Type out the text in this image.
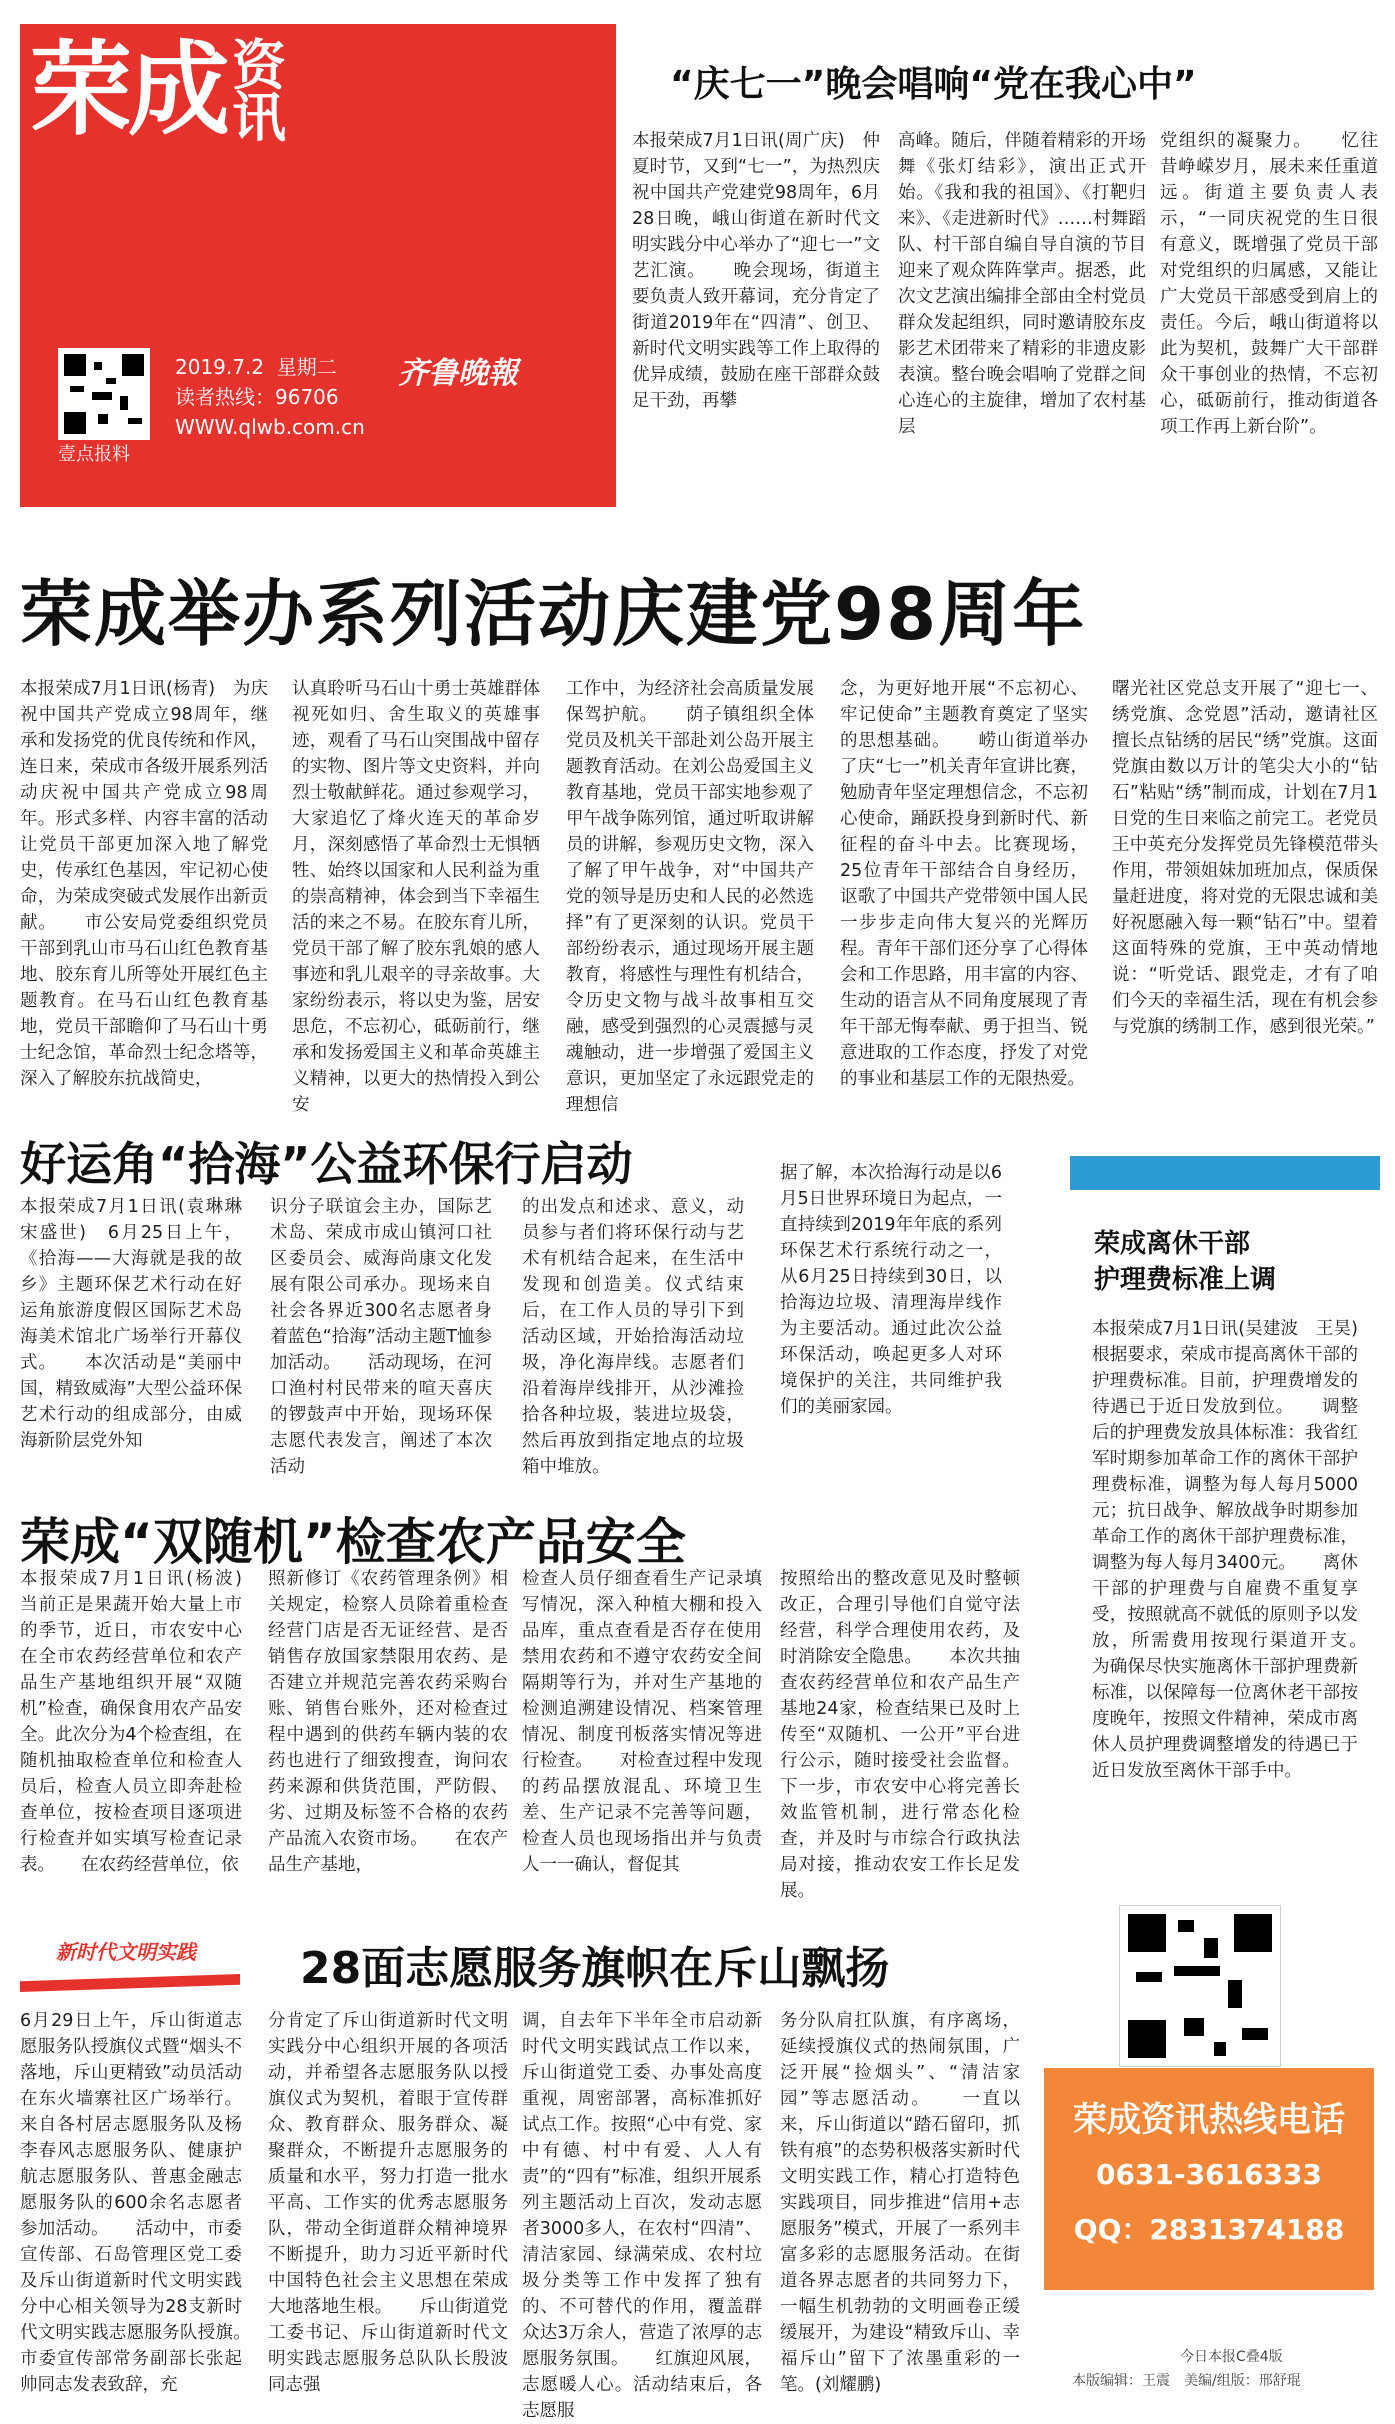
荣成 资
讯
壹点报料
2019.7.2 星期二
读者热线：96706
WWW.qlwb.com.cn
齐鲁晚報
“庆七一”晚会唱响“党在我心中”
本报荣成7月1日讯(周广庆)　仲夏时节，又到“七一”，为热烈庆祝中国共产党建党98周年，6月28日晚，峨山街道在新时代文明实践分中心举办了“迎七一”文艺汇演。　　晚会现场，街道主要负责人致开幕词，充分肯定了街道2019年在“四清”、创卫、新时代文明实践等工作上取得的优异成绩，鼓励在座干部群众鼓足干劲，再攀
高峰。随后，伴随着精彩的开场舞《张灯结彩》，演出正式开始。《我和我的祖国》、《打靶归来》、《走进新时代》……村舞蹈队、村干部自编自导自演的节目迎来了观众阵阵掌声。据悉，此次文艺演出编排全部由全村党员群众发起组织，同时邀请胶东皮影艺术团带来了精彩的非遗皮影表演。整台晚会唱响了党群之间心连心的主旋律，增加了农村基层
党组织的凝聚力。　　忆往昔峥嵘岁月，展未来任重道远。街道主要负责人表示，“一同庆祝党的生日很有意义，既增强了党员干部对党组织的归属感，又能让广大党员干部感受到肩上的责任。今后，峨山街道将以此为契机，鼓舞广大干部群众干事创业的热情，不忘初心，砥砺前行，推动街道各项工作再上新台阶”。
荣成举办系列活动庆建党98周年
本报荣成7月1日讯(杨青)　为庆祝中国共产党成立98周年，继承和发扬党的优良传统和作风，连日来，荣成市各级开展系列活动庆祝中国共产党成立98周年。形式多样、内容丰富的活动让党员干部更加深入地了解党史，传承红色基因，牢记初心使命，为荣成突破式发展作出新贡献。　　市公安局党委组织党员干部到乳山市马石山红色教育基地、胶东育儿所等处开展红色主题教育。在马石山红色教育基地，党员干部瞻仰了马石山十勇士纪念馆，革命烈士纪念塔等，深入了解胶东抗战简史，
认真聆听马石山十勇士英雄群体视死如归、舍生取义的英雄事迹，观看了马石山突围战中留存的实物、图片等文史资料，并向烈士敬献鲜花。通过参观学习，大家追忆了烽火连天的革命岁月，深刻感悟了革命烈士无惧牺牲、始终以国家和人民利益为重的崇高精神，体会到当下幸福生活的来之不易。在胶东育儿所，党员干部了解了胶东乳娘的感人事迹和乳儿艰辛的寻亲故事。大家纷纷表示，将以史为鉴，居安思危，不忘初心，砥砺前行，继承和发扬爱国主义和革命英雄主义精神，以更大的热情投入到公安
工作中，为经济社会高质量发展保驾护航。　　荫子镇组织全体党员及机关干部赴刘公岛开展主题教育活动。在刘公岛爱国主义教育基地，党员干部实地参观了甲午战争陈列馆，通过听取讲解员的讲解，参观历史文物，深入了解了甲午战争，对“中国共产党的领导是历史和人民的必然选择”有了更深刻的认识。党员干部纷纷表示，通过现场开展主题教育，将感性与理性有机结合，令历史文物与战斗故事相互交融，感受到强烈的心灵震撼与灵魂触动，进一步增强了爱国主义意识，更加坚定了永远跟党走的理想信
念，为更好地开展“不忘初心、牢记使命”主题教育奠定了坚实的思想基础。　　崂山街道举办了庆“七一”机关青年宣讲比赛，勉励青年坚定理想信念，不忘初心使命，踊跃投身到新时代、新征程的奋斗中去。比赛现场，25位青年干部结合自身经历，讴歌了中国共产党带领中国人民一步步走向伟大复兴的光辉历程。青年干部们还分享了心得体会和工作思路，用丰富的内容、生动的语言从不同角度展现了青年干部无悔奉献、勇于担当、锐意进取的工作态度，抒发了对党的事业和基层工作的无限热爱。
曙光社区党总支开展了“迎七一、绣党旗、念党恩”活动，邀请社区擅长点钻绣的居民“绣”党旗。这面党旗由数以万计的笔尖大小的“钻石”粘贴“绣”制而成，计划在7月1日党的生日来临之前完工。老党员王中英充分发挥党员先锋模范带头作用，带领姐妹加班加点，保质保量赶进度，将对党的无限忠诚和美好祝愿融入每一颗“钻石”中。望着这面特殊的党旗，王中英动情地说：“听党话、跟党走，才有了咱们今天的幸福生活，现在有机会参与党旗的绣制工作，感到很光荣。”
好运角“拾海”公益环保行启动
本报荣成7月1日讯(袁琳琳　宋盛世)　6月25日上午，《拾海——大海就是我的故乡》主题环保艺术行动在好运角旅游度假区国际艺术岛海美术馆北广场举行开幕仪式。　　本次活动是“美丽中国，精致威海”大型公益环保艺术行动的组成部分，由威海新阶层党外知
识分子联谊会主办，国际艺术岛、荣成市成山镇河口社区委员会、威海尚康文化发展有限公司承办。现场来自社会各界近300名志愿者身着蓝色“拾海”活动主题T恤参加活动。　　活动现场，在河口渔村村民带来的喧天喜庆的锣鼓声中开始，现场环保志愿代表发言，阐述了本次活动
的出发点和述求、意义，动员参与者们将环保行动与艺术有机结合起来，在生活中发现和创造美。仪式结束后，在工作人员的导引下到活动区域，开始拾海活动垃圾，净化海岸线。志愿者们沿着海岸线排开，从沙滩捡拾各种垃圾，装进垃圾袋，然后再放到指定地点的垃圾箱中堆放。
据了解，本次拾海行动是以6月5日世界环境日为起点，一直持续到2019年年底的系列环保艺术行系统行动之一，从6月25日持续到30日，以拾海边垃圾、清理海岸线作为主要活动。通过此次公益环保活动，唤起更多人对环境保护的关注，共同维护我们的美丽家园。
荣成离休干部
护理费标准上调
本报荣成7月1日讯(吴建波　王昊)　根据要求，荣成市提高离休干部的护理费标准。目前，护理费增发的待遇已于近日发放到位。　　调整后的护理费发放具体标准：我省红军时期参加革命工作的离休干部护理费标准，调整为每人每月5000元；抗日战争、解放战争时期参加革命工作的离休干部护理费标准，调整为每人每月3400元。　　离休干部的护理费与自雇费不重复享受，按照就高不就低的原则予以发放，所需费用按现行渠道开支。　　为确保尽快实施离休干部护理费新标准，以保障每一位离休老干部按度晚年，按照文件精神，荣成市离休人员护理费调整增发的待遇已于近日发放至离休干部手中。
荣成“双随机”检查农产品安全
本报荣成7月1日讯(杨波)　当前正是果蔬开始大量上市的季节，近日，市农安中心在全市农药经营单位和农产品生产基地组织开展“双随机”检查，确保食用农产品安全。此次分为4个检查组，在随机抽取检查单位和检查人员后，检查人员立即奔赴检查单位，按检查项目逐项进行检查并如实填写检查记录表。　　在农药经营单位，依
照新修订《农药管理条例》相关规定，检察人员除着重检查经营门店是否无证经营、是否销售存放国家禁限用农药、是否建立并规范完善农药采购台账、销售台账外，还对检查过程中遇到的供药车辆内装的农药也进行了细致搜查，询问农药来源和供货范围，严防假、劣、过期及标签不合格的农药产品流入农资市场。　　在农产品生产基地，
检查人员仔细查看生产记录填写情况，深入种植大棚和投入品库，重点查看是否存在使用禁用农药和不遵守农药安全间隔期等行为，并对生产基地的检测追溯建设情况、档案管理情况、制度刊板落实情况等进行检查。　　对检查过程中发现的药品摆放混乱、环境卫生差、生产记录不完善等问题，检查人员也现场指出并与负责人一一确认，督促其
按照给出的整改意见及时整顿改正，合理引导他们自觉守法经营，科学合理使用农药，及时消除安全隐患。　　本次共抽查农药经营单位和农产品生产基地24家，检查结果已及时上传至“双随机、一公开”平台进行公示，随时接受社会监督。下一步，市农安中心将完善长效监管机制，进行常态化检查，并及时与市综合行政执法局对接，推动农安工作长足发展。
新时代文明实践 28面志愿服务旗帜在斥山飘扬
6月29日上午，斥山街道志愿服务队授旗仪式暨“烟头不落地，斥山更精致”动员活动在东火墙寨社区广场举行。来自各村居志愿服务队及杨李春风志愿服务队、健康护航志愿服务队、普惠金融志愿服务队的600余名志愿者参加活动。　　活动中，市委宣传部、石岛管理区党工委及斥山街道新时代文明实践分中心相关领导为28支新时代文明实践志愿服务队授旗。　　市委宣传部常务副部长张起帅同志发表致辞，充
分肯定了斥山街道新时代文明实践分中心组织开展的各项活动，并希望各志愿服务队以授旗仪式为契机，着眼于宣传群众、教育群众、服务群众、凝聚群众，不断提升志愿服务的质量和水平，努力打造一批水平高、工作实的优秀志愿服务队，带动全街道群众精神境界不断提升，助力习近平新时代中国特色社会主义思想在荣成大地落地生根。　　斥山街道党工委书记、斥山街道新时代文明实践志愿服务总队队长殷波同志强
调，自去年下半年全市启动新时代文明实践试点工作以来，斥山街道党工委、办事处高度重视，周密部署，高标准抓好试点工作。按照“心中有党、家中有德、村中有爱、人人有责”的“四有”标准，组织开展系列主题活动上百次，发动志愿者3000多人，在农村“四清”、清洁家园、绿满荣成、农村垃圾分类等工作中发挥了独有的、不可替代的作用，覆盖群众达3万余人，营造了浓厚的志愿服务氛围。　　红旗迎风展，志愿暖人心。活动结束后，各志愿服
务分队肩扛队旗，有序离场，延续授旗仪式的热闹氛围，广泛开展“捡烟头”、“清洁家园”等志愿活动。　　一直以来，斥山街道以“踏石留印，抓铁有痕”的态势积极落实新时代文明实践工作，精心打造特色实践项目，同步推进“信用+志愿服务”模式，开展了一系列丰富多彩的志愿服务活动。在街道各界志愿者的共同努力下，一幅生机勃勃的文明画卷正缓缓展开，为建设“精致斥山、幸福斥山”留下了浓墨重彩的一笔。(刘耀鹏)
荣成资讯热线电话
0631-3616333
QQ：2831374188
今日本报C叠4版
本版编辑：王震　美编/组版：邢舒琨
